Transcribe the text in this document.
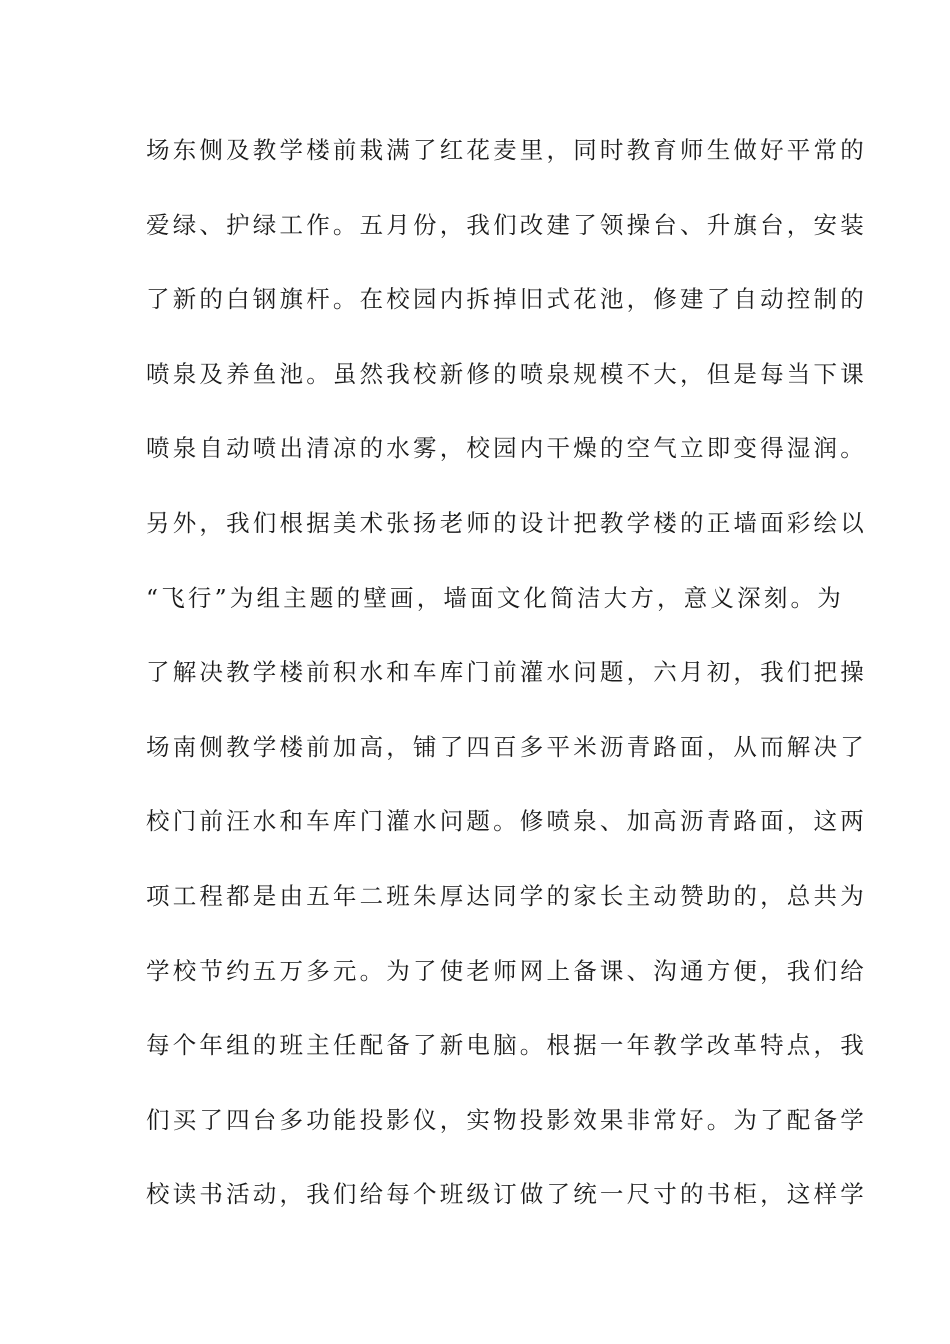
场东侧及教学楼前栽满了红花麦里，同时教育师生做好平常的
爱绿、护绿工作。五月份，我们改建了领操台、升旗台，安装
了新的白钢旗杆。在校园内拆掉旧式花池，修建了自动控制的
喷泉及养鱼池。虽然我校新修的喷泉规模不大，但是每当下课
喷泉自动喷出清凉的水雾，校园内干燥的空气立即变得湿润。
另外，我们根据美术张扬老师的设计把教学楼的正墙面彩绘以
“飞行”为组主题的壁画，墙面文化简洁大方，意义深刻。为
了解决教学楼前积水和车库门前灌水问题，六月初，我们把操
场南侧教学楼前加高，铺了四百多平米沥青路面，从而解决了
校门前汪水和车库门灌水问题。修喷泉、加高沥青路面，这两
项工程都是由五年二班朱厚达同学的家长主动赞助的，总共为
学校节约五万多元。为了使老师网上备课、沟通方便，我们给
每个年组的班主任配备了新电脑。根据一年教学改革特点，我
们买了四台多功能投影仪，实物投影效果非常好。为了配备学
校读书活动，我们给每个班级订做了统一尺寸的书柜，这样学
